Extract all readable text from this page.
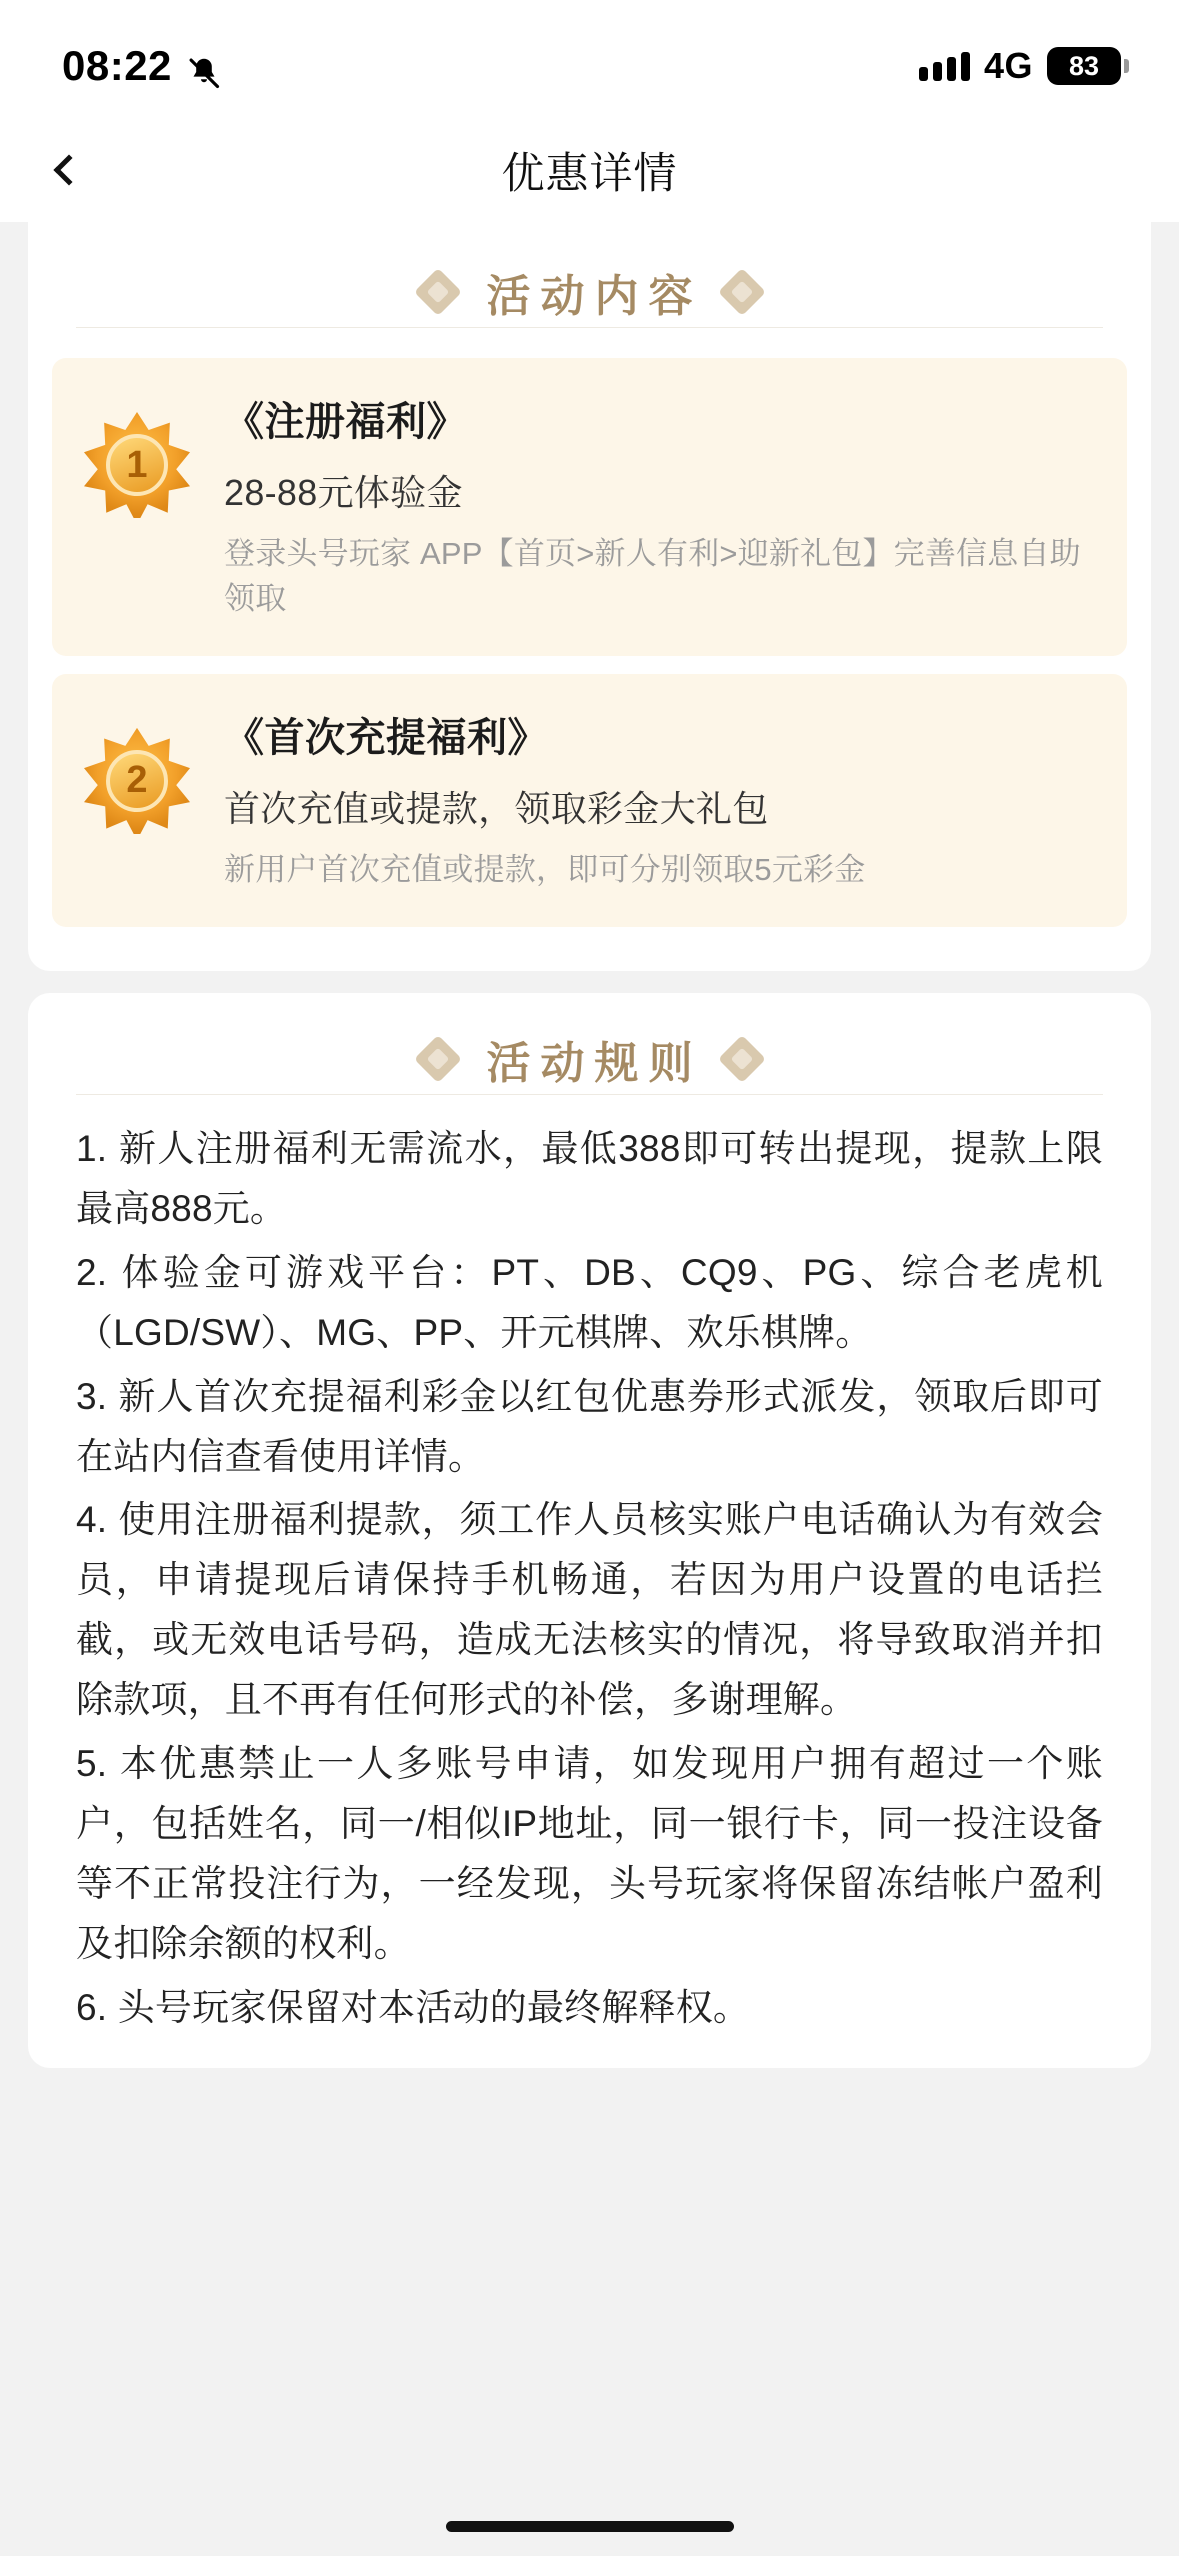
08:22	4G	83
优惠详情
活动内容
1
《注册福利》
28-88元体验金
登录头号玩家 APP【首页>新人有利>迎新礼包】完善信息自助 领取
2
《首次充提福利》
首次充值或提款，领取彩金大礼包
新用户首次充值或提款，即可分别领取5元彩金
活动规则

1. 新人注册福利无需流水，最低388即可转出提现，提款上限最高888元。

2. 体验金可游戏平台：PT、DB、CQ9、PG、综合老虎机（LGD/SW）、MG、PP、开元棋牌、欢乐棋牌。

3. 新人首次充提福利彩金以红包优惠券形式派发，领取后即可在站内信查看使用详情。

4. 使用注册福利提款，须工作人员核实账户电话确认为有效会员，申请提现后请保持手机畅通，若因为用户设置的电话拦截，或无效电话号码，造成无法核实的情况，将导致取消并扣除款项，且不再有任何形式的补偿，多谢理解。

5. 本优惠禁止一人多账号申请，如发现用户拥有超过一个账户，包括姓名，同一/相似IP地址，同一银行卡，同一投注设备等不正常投注行为，一经发现，头号玩家将保留冻结帐户盈利及扣除余额的权利。

6. 头号玩家保留对本活动的最终解释权。
